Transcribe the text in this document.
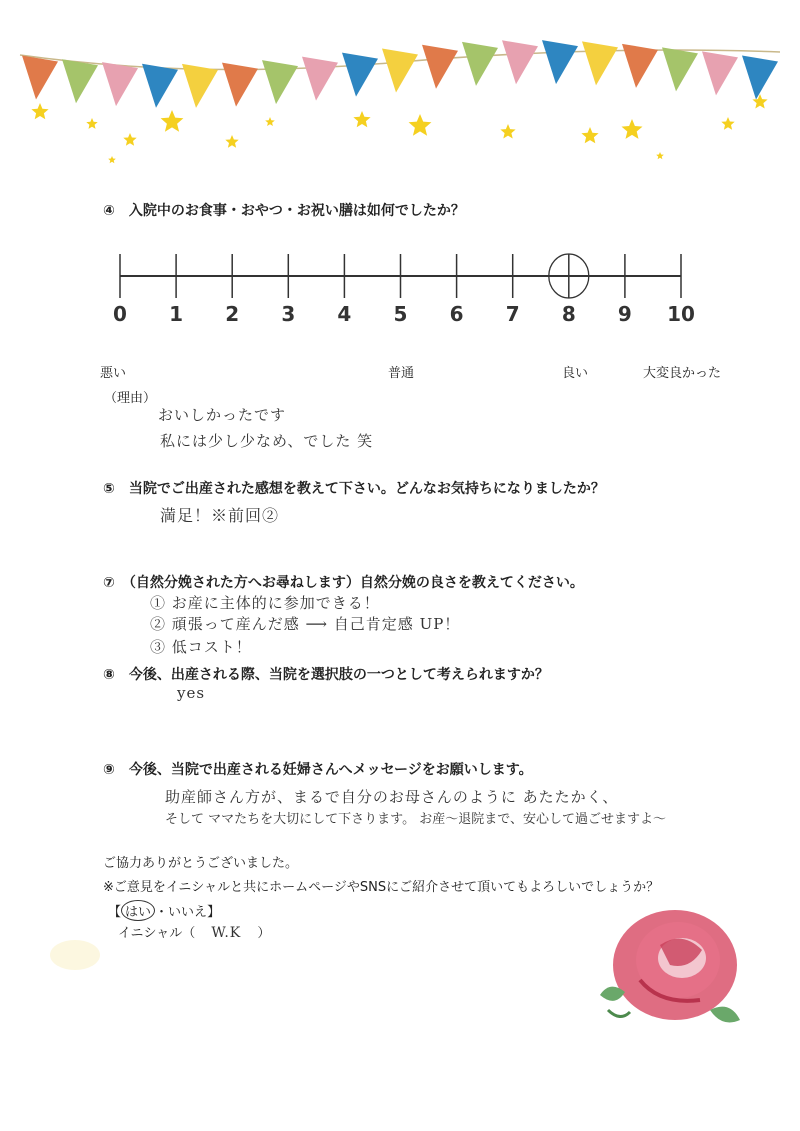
④　入院中のお食事・おやつ・お祝い膳は如何でしたか？
0 1 2 3 4 5 6 7 8 9 10
悪い	普通	良い	大変良かった
（理由）
おいしかったです
私には少し少なめ、でした 笑
⑤　当院でご出産された感想を教えて下さい。どんなお気持ちになりましたか？
満足！※前回②
⑦　（自然分娩された方へお尋ねします）自然分娩の良さを教えてください。
① お産に主体的に参加できる！
② 頑張って産んだ感 ⟶ 自己肯定感 UP！
③ 低コスト！
⑧　今後、出産される際、当院を選択肢の一つとして考えられますか？
yes
⑨　今後、当院で出産される妊婦さんへメッセージをお願いします。
助産師さん方が、まるで自分のお母さんのように あたたかく、
そして ママたちを大切にして下さります。 お産～退院まで、安心して過ごせますよ～
ご協力ありがとうございました。
※ご意見をイニシャルと共にホームページやSNSにご紹介させて頂いてもよろしいでしょうか？
【 はい ・いいえ】
イニシャル（ W.K ）
